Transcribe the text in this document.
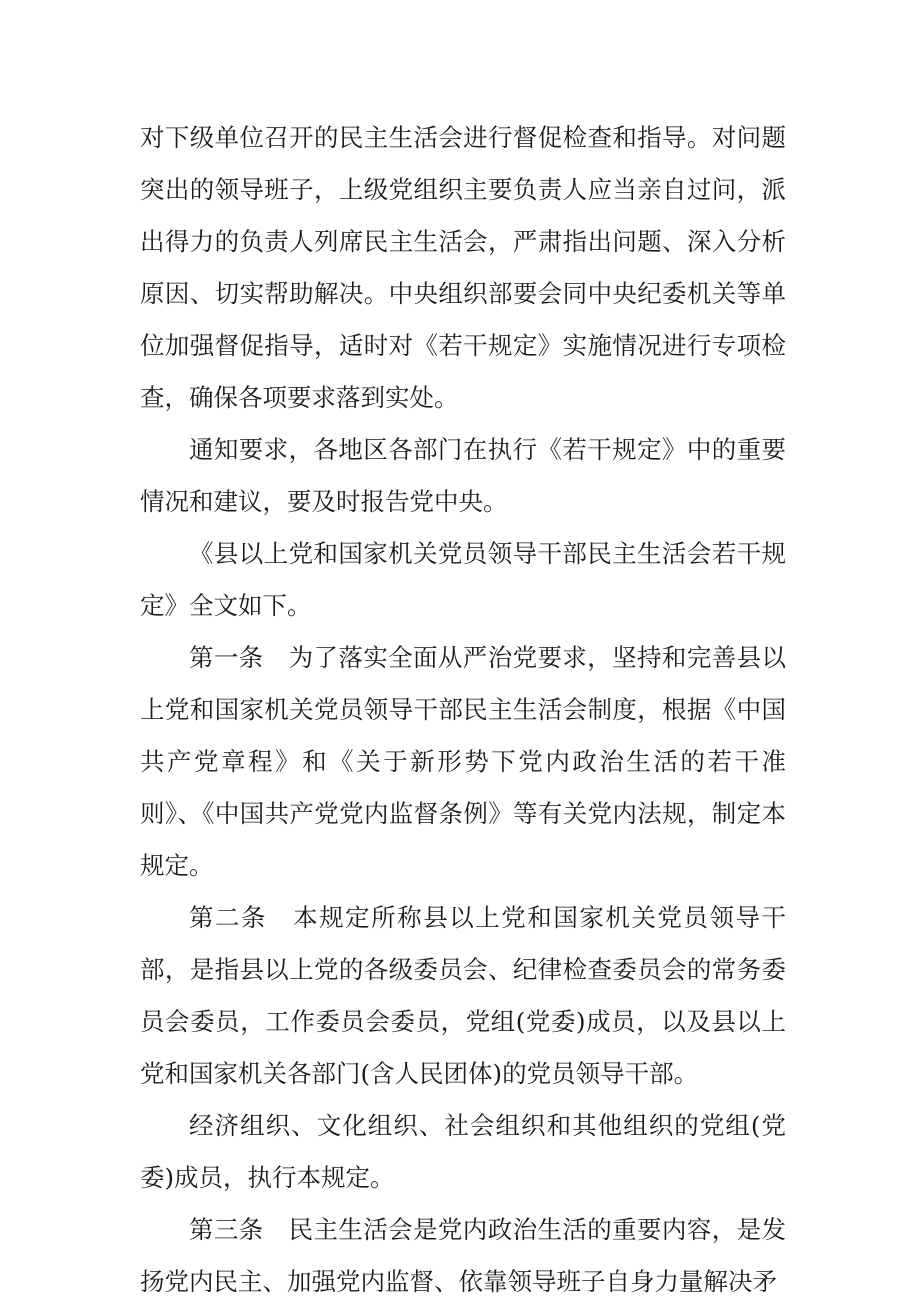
对下级单位召开的民主生活会进行督促检查和指导。对问题突出的领导班子，上级党组织主要负责人应当亲自过问，派出得力的负责人列席民主生活会，严肃指出问题、深入分析原因、切实帮助解决。中央组织部要会同中央纪委机关等单位加强督促指导，适时对《若干规定》实施情况进行专项检查，确保各项要求落到实处。

通知要求，各地区各部门在执行《若干规定》中的重要情况和建议，要及时报告党中央。

《县以上党和国家机关党员领导干部民主生活会若干规定》全文如下。

第一条　为了落实全面从严治党要求，坚持和完善县以上党和国家机关党员领导干部民主生活会制度，根据《中国共产党章程》和《关于新形势下党内政治生活的若干准则》、《中国共产党党内监督条例》等有关党内法规，制定本规定。

第二条　本规定所称县以上党和国家机关党员领导干部，是指县以上党的各级委员会、纪律检查委员会的常务委员会委员，工作委员会委员，党组(党委)成员，以及县以上党和国家机关各部门(含人民团体)的党员领导干部。

经济组织、文化组织、社会组织和其他组织的党组(党委)成员，执行本规定。

第三条　民主生活会是党内政治生活的重要内容，是发扬党内民主、加强党内监督、依靠领导班子自身力量解决矛
